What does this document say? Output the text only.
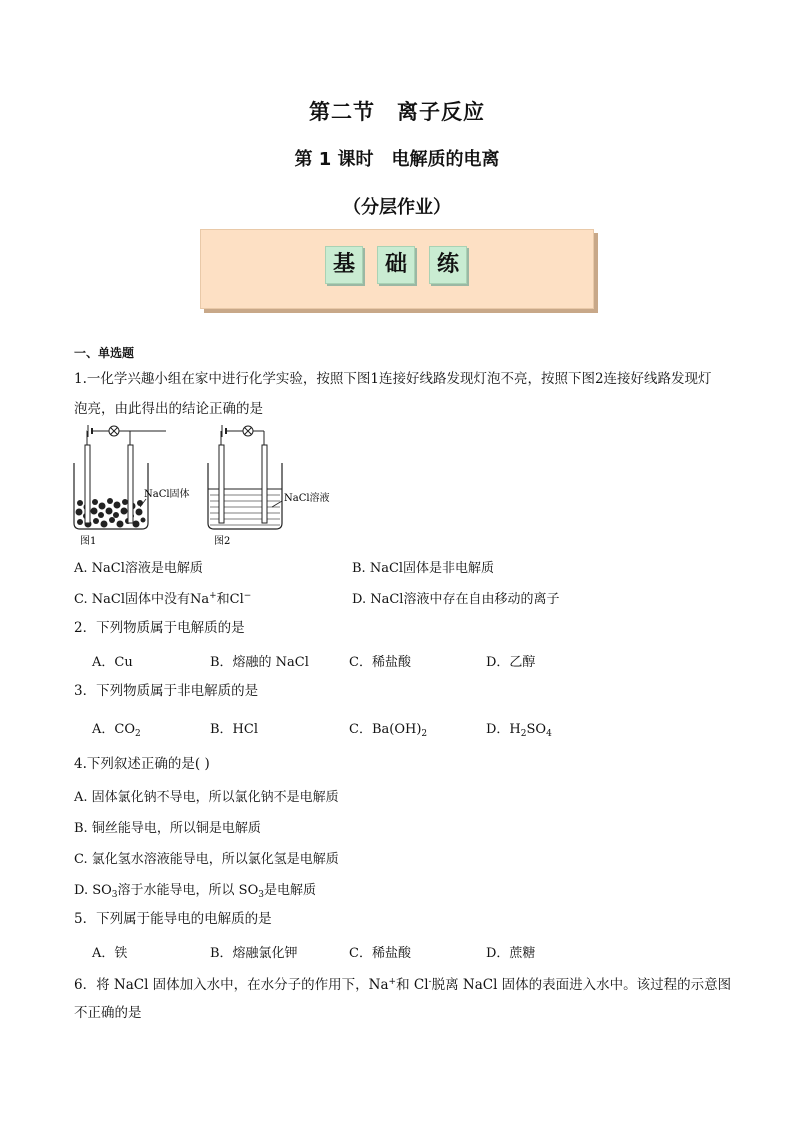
第二节　离子反应
第 1 课时　电解质的电离
（分层作业）
基	础	练
一、单选题
1.一化学兴趣小组在家中进行化学实验，按照下图1连接好线路发现灯泡不亮，按照下图2连接好线路发现灯
泡亮，由此得出的结论正确的是
图1
NaCl固体
图2
NaCl溶液
A. NaCl溶液是电解质	B. NaCl固体是非电解质
C. NaCl固体中没有Na+和Cl−	D. NaCl溶液中存在自由移动的离子
2．下列物质属于电解质的是
A．Cu	B．熔融的 NaCl	C．稀盐酸	D．乙醇
3．下列物质属于非电解质的是
A．$CO_2$	B．HCl	C．$Ba(OH)_2$	D．$H_2SO_4$
4.下列叙述正确的是( )
A. 固体氯化钠不导电，所以氯化钠不是电解质
B. 铜丝能导电，所以铜是电解质
C. 氯化氢水溶液能导电，所以氯化氢是电解质
D. $SO_3$溶于水能导电，所以 $SO_3$是电解质
5．下列属于能导电的电解质的是
A．铁	B．熔融氯化钾	C．稀盐酸	D．蔗糖
6．将 NaCl 固体加入水中，在水分子的作用下，Na+和 Cl-脱离 NaCl 固体的表面进入水中。该过程的示意图
不正确的是
